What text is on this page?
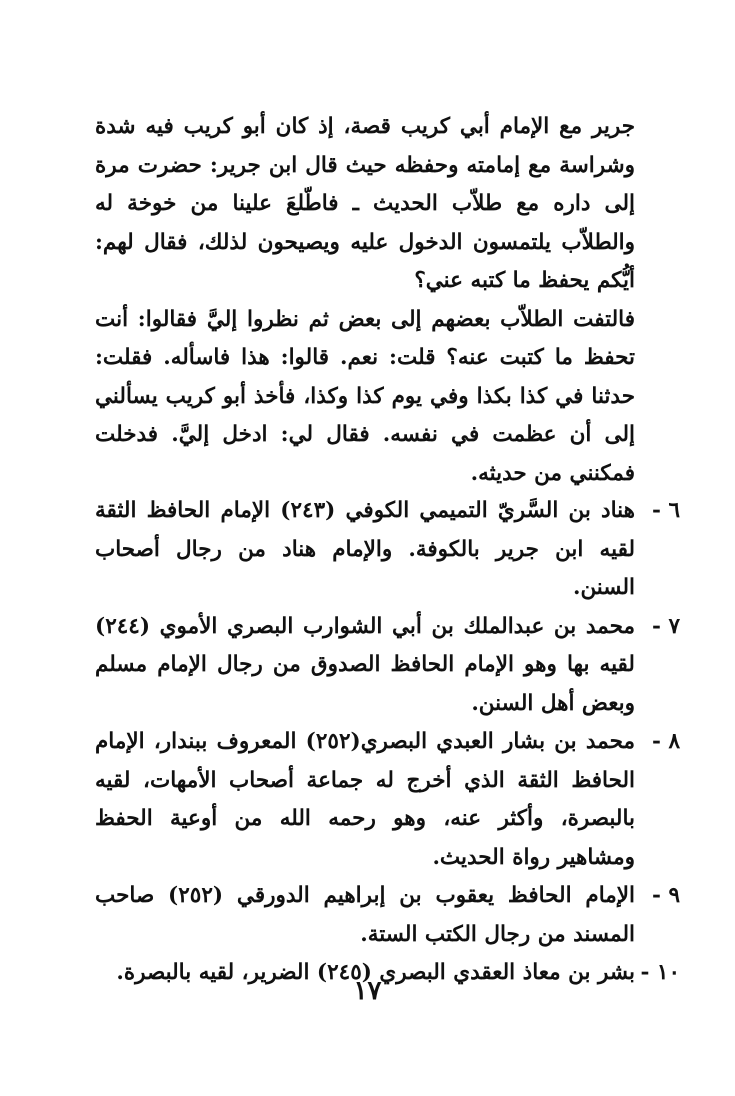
جرير مع الإمام أبي كريب قصة، إذ كان أبو كريب فيه شدة وشراسة مع إمامته وحفظه حيث قال ابن جرير: حضرت مرة إلى داره مع طلاّب الحديث ـ فاطّلعَ علينا من خوخة له والطلاّب يلتمسون الدخول عليه ويصيحون لذلك، فقال لهم: أيُّكم يحفظ ما كتبه عني؟

فالتفت الطلاّب بعضهم إلى بعض ثم نظروا إليَّ فقالوا: أنت تحفظ ما كتبت عنه؟ قلت: نعم. قالوا: هذا فاسأله. فقلت: حدثنا في كذا بكذا وفي يوم كذا وكذا، فأخذ أبو كريب يسألني إلى أن عظمت في نفسه. فقال لي: ادخل إليَّ. فدخلت فمكنني من حديثه.

٦ -
هناد بن السَّريّ التميمي الكوفي (٢٤٣) الإمام الحافظ الثقة لقيه ابن جرير بالكوفة. والإمام هناد من رجال أصحاب السنن.
٧ -
محمد بن عبدالملك بن أبي الشوارب البصري الأموي (٢٤٤) لقيه بها وهو الإمام الحافظ الصدوق من رجال الإمام مسلم وبعض أهل السنن.
٨ -
محمد بن بشار العبدي البصري(٢٥٢) المعروف ببندار، الإمام الحافظ الثقة الذي أخرج له جماعة أصحاب الأمهات، لقيه بالبصرة، وأكثر عنه، وهو رحمه الله من أوعية الحفظ ومشاهير رواة الحديث.
٩ -
الإمام الحافظ يعقوب بن إبراهيم الدورقي (٢٥٢) صاحب المسند من رجال الكتب الستة.
١٠ -
بشر بن معاذ العقدي البصري (٢٤٥) الضرير، لقيه بالبصرة.
١٧
